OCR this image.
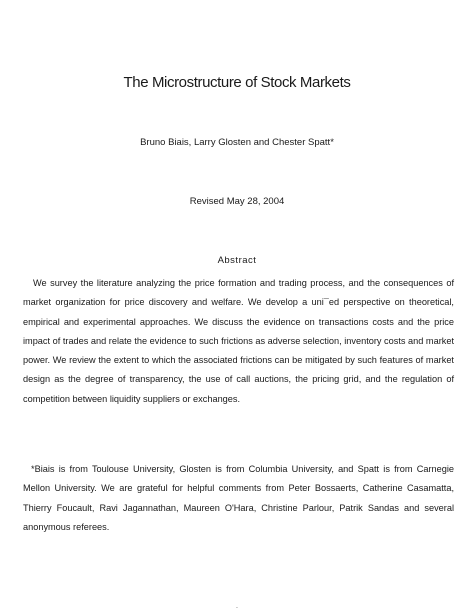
The Microstructure of Stock Markets
Bruno Biais, Larry Glosten and Chester Spatt*
Revised May 28, 2004
Abstract

We survey the literature analyzing the price formation and trading process, and the consequences of market organization for price discovery and welfare. We develop a uni¯ed perspective on theoretical, empirical and experimental approaches. We discuss the evidence on transactions costs and the price impact of trades and relate the evidence to such frictions as adverse selection, inventory costs and market power. We review the extent to which the associated frictions can be mitigated by such features of market design as the degree of transparency, the use of call auctions, the pricing grid, and the regulation of competition between liquidity suppliers or exchanges.

*Biais is from Toulouse University, Glosten is from Columbia University, and Spatt is from Carnegie Mellon University. We are grateful for helpful comments from Peter Bossaerts, Catherine Casamatta, Thierry Foucault, Ravi Jagannathan, Maureen O'Hara, Christine Parlour, Patrik Sandas and several anonymous referees.

.
